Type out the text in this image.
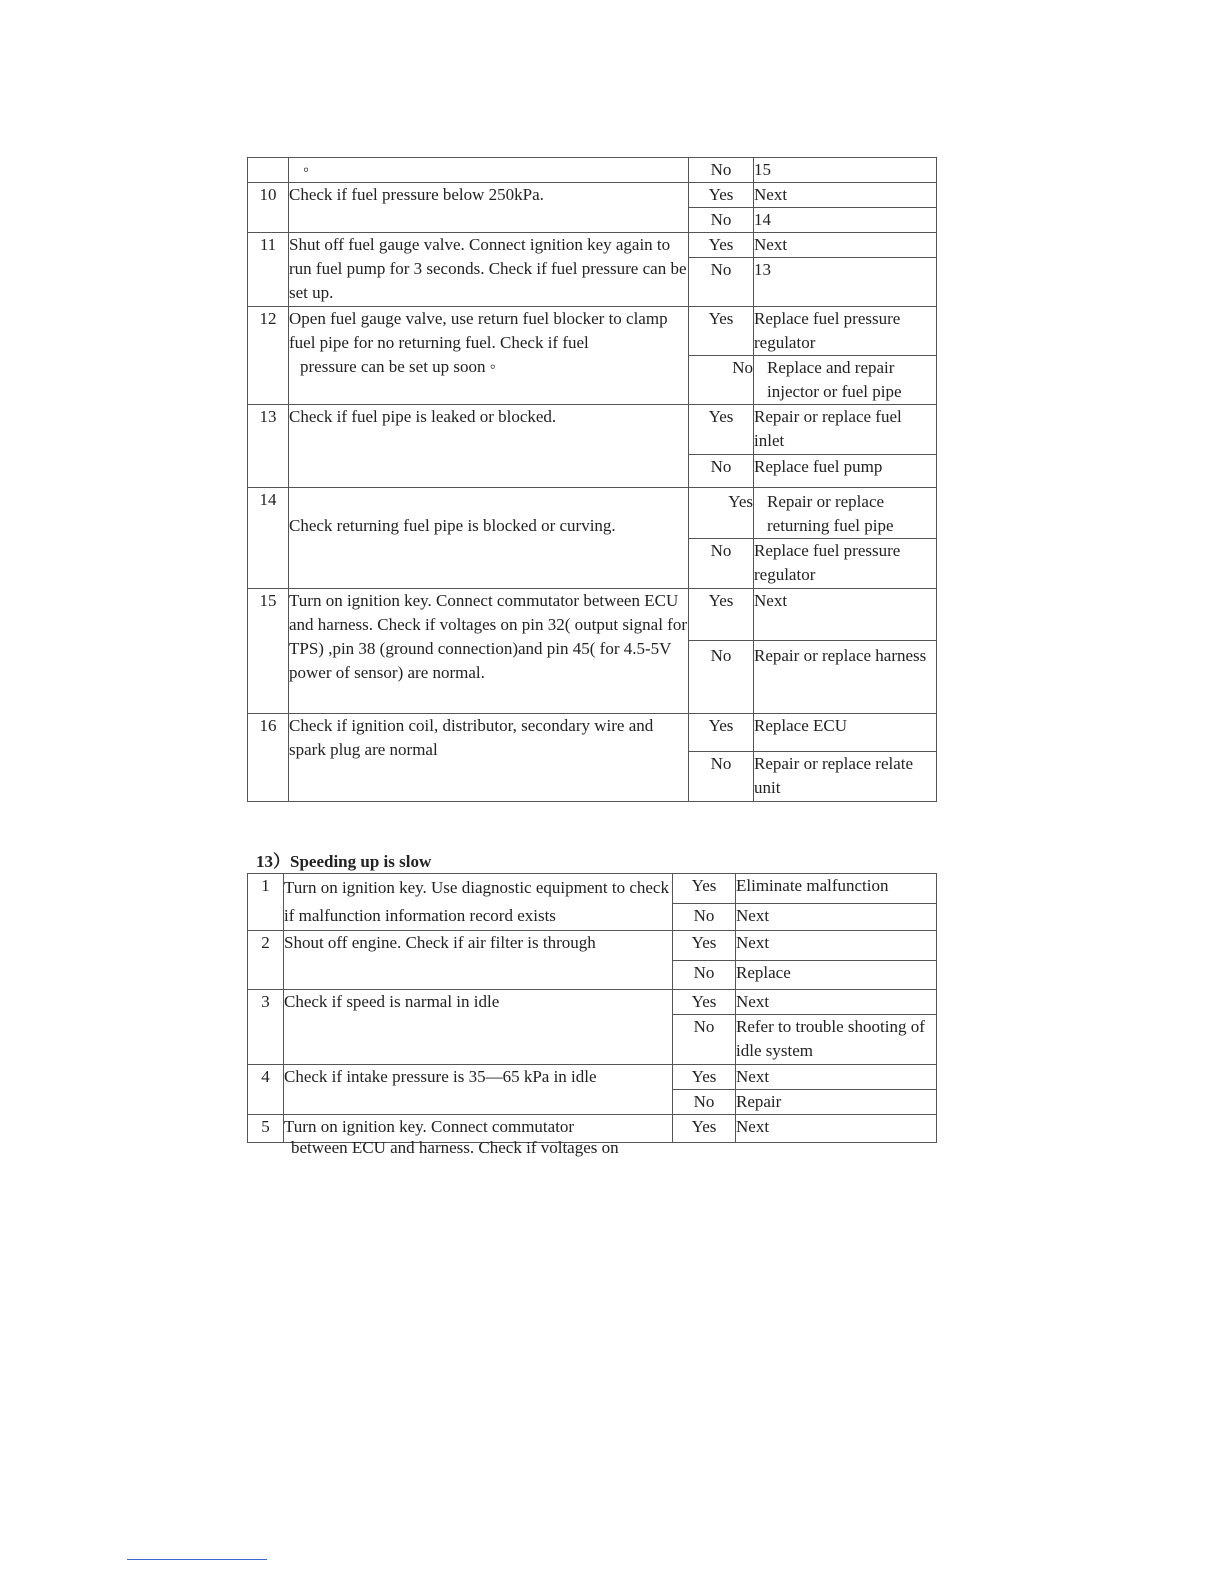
	◦	No	15
10	Check if fuel pressure below 250kPa.	Yes	Next
		No	14
11	Shut off fuel gauge valve. Connect ignition key again to run fuel pump for 3 seconds. Check if fuel pressure can be set up.	Yes	Next
		No	13
12	Open fuel gauge valve, use return fuel blocker to clamp fuel pipe for no returning fuel. Check if fuel
pressure can be set up soon ◦	Yes	Replace fuel pressure regulator
		No	Replace and repair injector or fuel pipe
13	Check if fuel pipe is leaked or blocked.	Yes	Repair or replace fuel inlet
		No	Replace fuel pump
14	Check returning fuel pipe is blocked or curving.	Yes	Repair or replace returning fuel pipe
		No	Replace fuel pressure regulator
15	Turn on ignition key. Connect commutator between ECU and harness. Check if voltages on pin 32( output signal for TPS) ,pin 38 (ground connection)and pin 45( for 4.5-5V power of sensor) are normal.	Yes	Next
		No	Repair or replace harness
16	Check if ignition coil, distributor, secondary wire and spark plug are normal	Yes	Replace ECU
		No	Repair or replace relate unit
13）Speeding up is slow
1	Turn on ignition key. Use diagnostic equipment to check if malfunction information record exists	Yes	Eliminate malfunction
		No	Next
2	Shout off engine. Check if air filter is through	Yes	Next
		No	Replace
3	Check if speed is narmal in idle	Yes	Next
		No	Refer to trouble shooting of idle system
4	Check if intake pressure is 35—65 kPa in idle	Yes	Next
		No	Repair
5	Turn on ignition key. Connect commutator	Yes	Next
between ECU and harness. Check if voltages on
